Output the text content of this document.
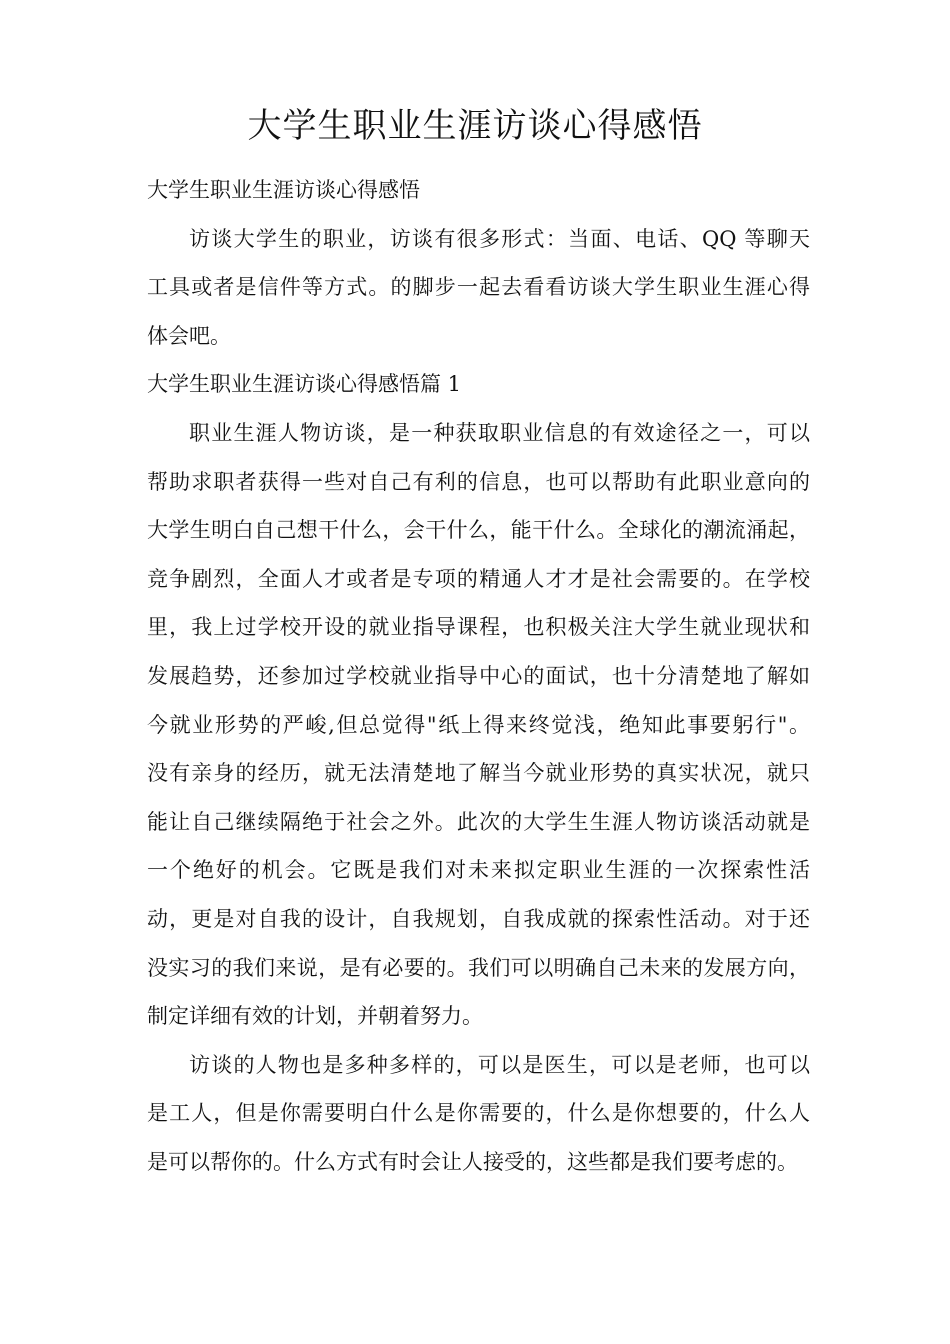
大学生职业生涯访谈心得感悟
大学生职业生涯访谈心得感悟
访谈大学生的职业，访谈有很多形式：当面、电话、QQ 等聊天
工具或者是信件等方式。的脚步一起去看看访谈大学生职业生涯心得
体会吧。
大学生职业生涯访谈心得感悟篇 1
职业生涯人物访谈，是一种获取职业信息的有效途径之一，可以
帮助求职者获得一些对自己有利的信息，也可以帮助有此职业意向的
大学生明白自己想干什么，会干什么，能干什么。全球化的潮流涌起，
竞争剧烈，全面人才或者是专项的精通人才才是社会需要的。在学校
里，我上过学校开设的就业指导课程，也积极关注大学生就业现状和
发展趋势，还参加过学校就业指导中心的面试，也十分清楚地了解如
今就业形势的严峻,但总觉得"纸上得来终觉浅，绝知此事要躬行"。
没有亲身的经历，就无法清楚地了解当今就业形势的真实状况，就只
能让自己继续隔绝于社会之外。此次的大学生生涯人物访谈活动就是
一个绝好的机会。它既是我们对未来拟定职业生涯的一次探索性活
动，更是对自我的设计，自我规划，自我成就的探索性活动。对于还
没实习的我们来说，是有必要的。我们可以明确自己未来的发展方向，
制定详细有效的计划，并朝着努力。
访谈的人物也是多种多样的，可以是医生，可以是老师，也可以
是工人，但是你需要明白什么是你需要的，什么是你想要的，什么人
是可以帮你的。什么方式有时会让人接受的，这些都是我们要考虑的。
